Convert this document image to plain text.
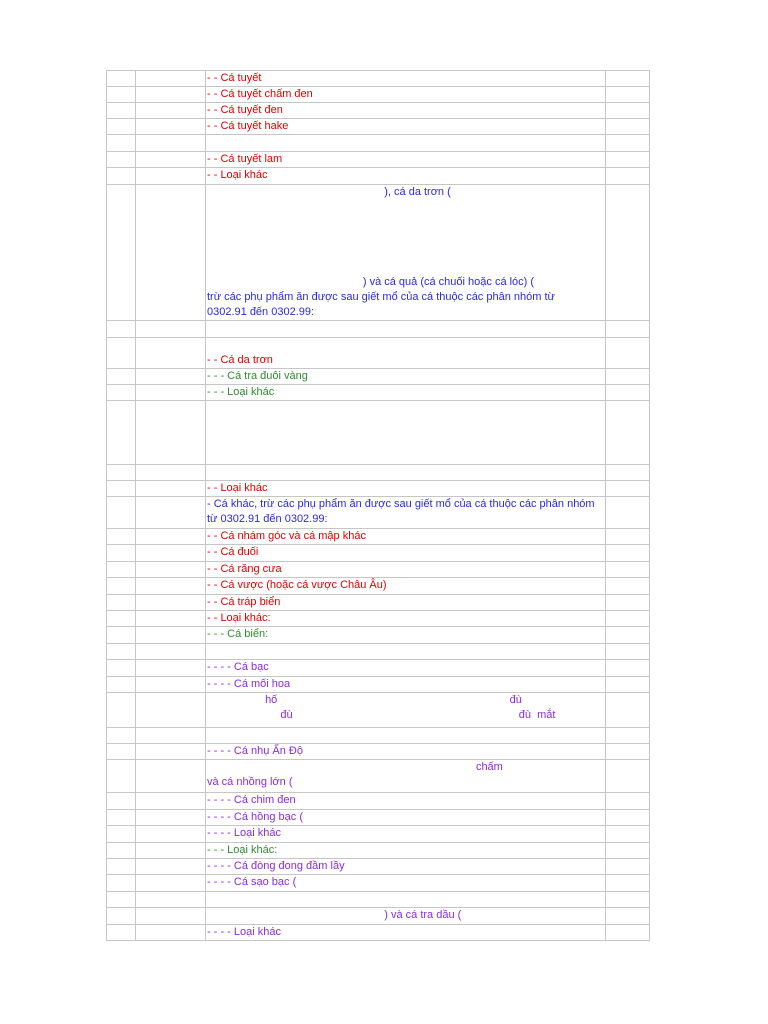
		- - Cá tuyết	

		- - Cá tuyết chấm đen	

		- - Cá tuyết đen	

		- - Cá tuyết hake	

		- - Cá tuyết lam	

		- - Loại khác	

		), cá da trơn (

) và cá quả (cá chuối hoặc cá lóc) (
trừ các phụ phẩm ăn được sau giết mổ của cá thuộc các phân nhóm từ
0302.91 đến 0302.99:	

		- - Cá da trơn	

		- - - Cá tra đuôi vàng	

		- - - Loại khác	

		- - Loại khác	

		- Cá khác, trừ các phụ phẩm ăn được sau giết mổ của cá thuộc các phân nhóm từ 0302.91 đến 0302.99:	

		- - Cá nhám góc và cá mập khác	

		- - Cá đuối	

		- - Cá răng cưa	

		- - Cá vược (hoặc cá vược Châu Âu)	

		- - Cá tráp biển	

		- - Loại khác:	

		- - - Cá biển:	

		- - - - Cá bạc	

		- - - - Cá mối hoa	

		hố                                                                            đù
đù                                                                          đù  mắt	

		- - - - Cá nhụ Ấn Độ	

		chấm
và cá nhồng lớn (	

		- - - - Cá chim đen	

		- - - - Cá hồng bạc (	

		- - - - Loại khác	

		- - - Loại khác:	

		- - - - Cá đòng đong đầm lầy	

		- - - - Cá sạo bạc (	

		) và cá tra dầu (	

		- - - - Loại khác	
